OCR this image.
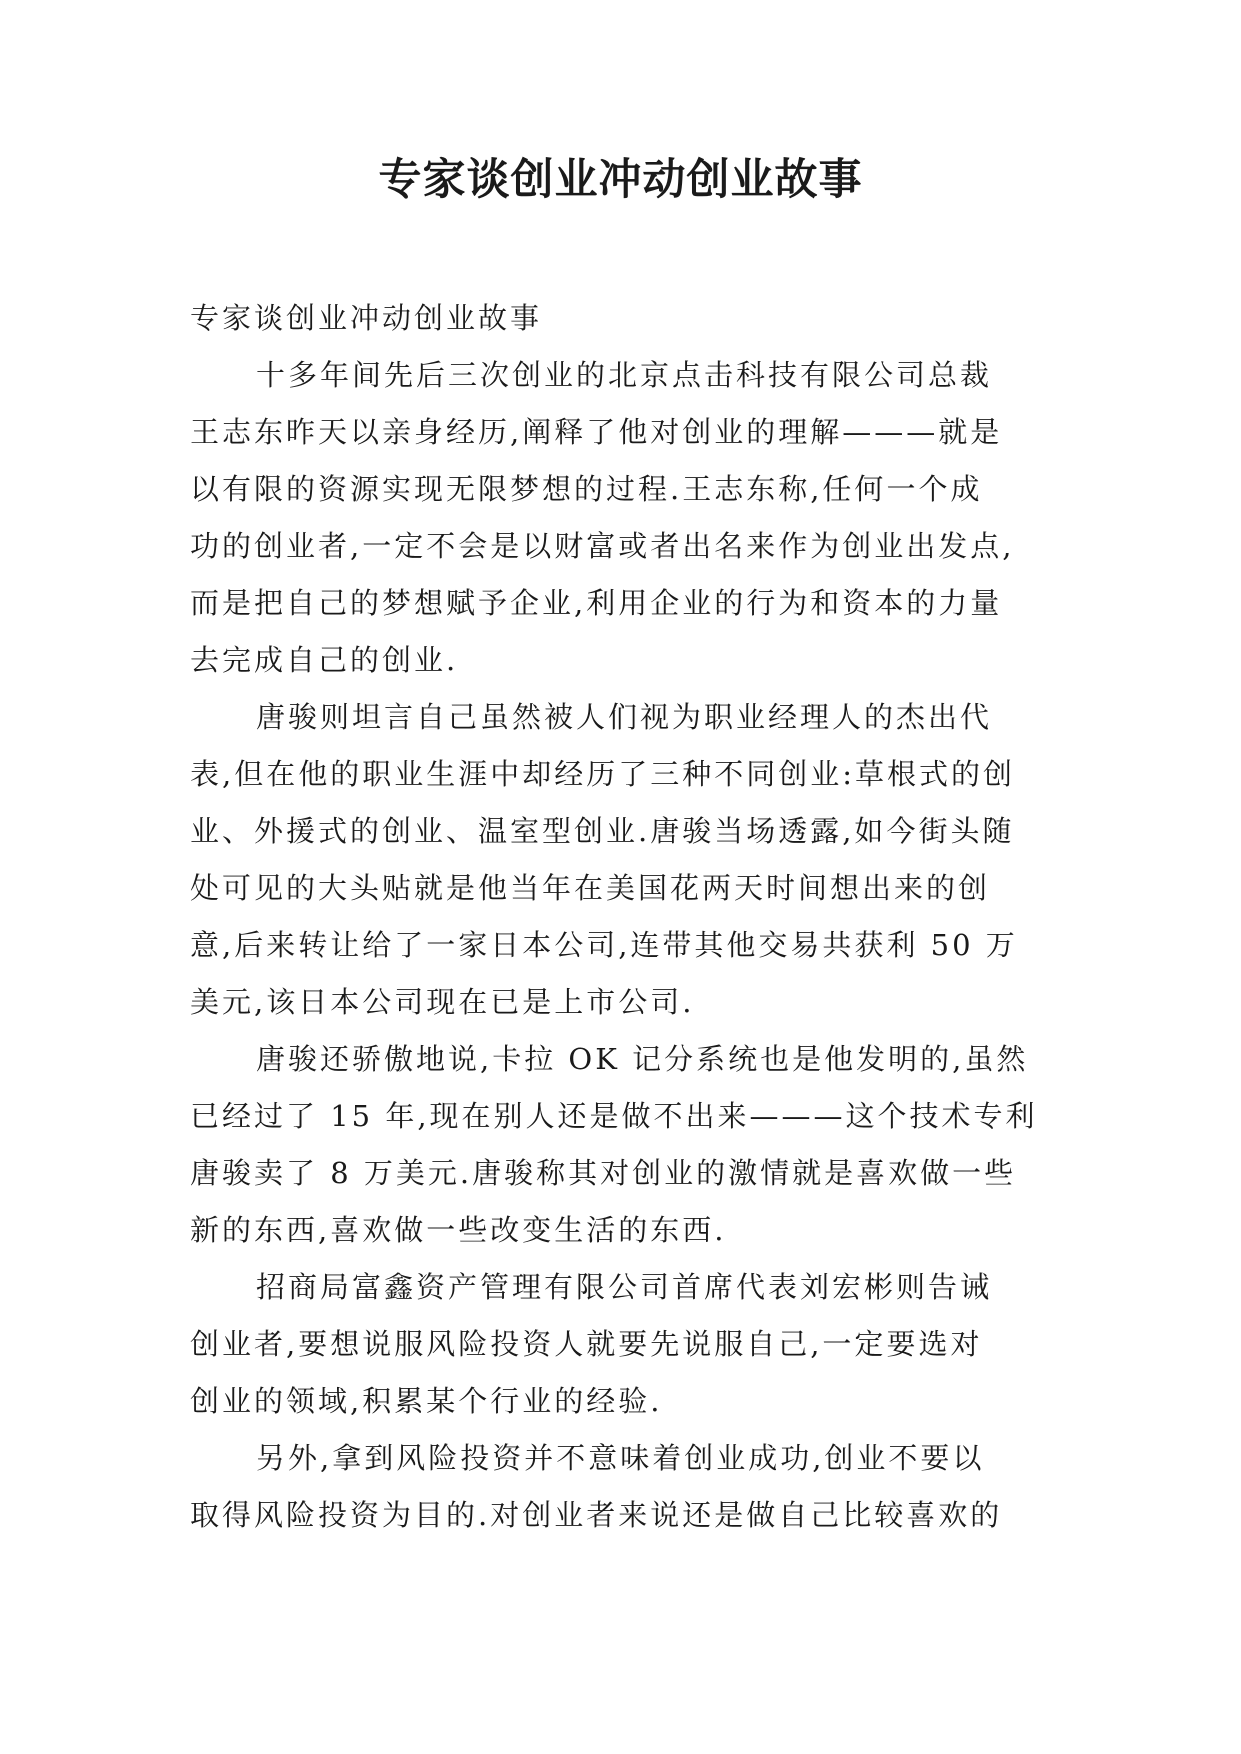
专家谈创业冲动创业故事
专家谈创业冲动创业故事
十多年间先后三次创业的北京点击科技有限公司总裁
王志东昨天以亲身经历,阐释了他对创业的理解———就是
以有限的资源实现无限梦想的过程.王志东称,任何一个成
功的创业者,一定不会是以财富或者出名来作为创业出发点,
而是把自己的梦想赋予企业,利用企业的行为和资本的力量
去完成自己的创业.
唐骏则坦言自己虽然被人们视为职业经理人的杰出代
表,但在他的职业生涯中却经历了三种不同创业:草根式的创
业、外援式的创业、温室型创业.唐骏当场透露,如今街头随
处可见的大头贴就是他当年在美国花两天时间想出来的创
意,后来转让给了一家日本公司,连带其他交易共获利 50 万
美元,该日本公司现在已是上市公司.
唐骏还骄傲地说,卡拉 OK 记分系统也是他发明的,虽然
已经过了 15 年,现在别人还是做不出来———这个技术专利
唐骏卖了 8 万美元.唐骏称其对创业的激情就是喜欢做一些
新的东西,喜欢做一些改变生活的东西.
招商局富鑫资产管理有限公司首席代表刘宏彬则告诫
创业者,要想说服风险投资人就要先说服自己,一定要选对
创业的领域,积累某个行业的经验.
另外,拿到风险投资并不意味着创业成功,创业不要以
取得风险投资为目的.对创业者来说还是做自己比较喜欢的
